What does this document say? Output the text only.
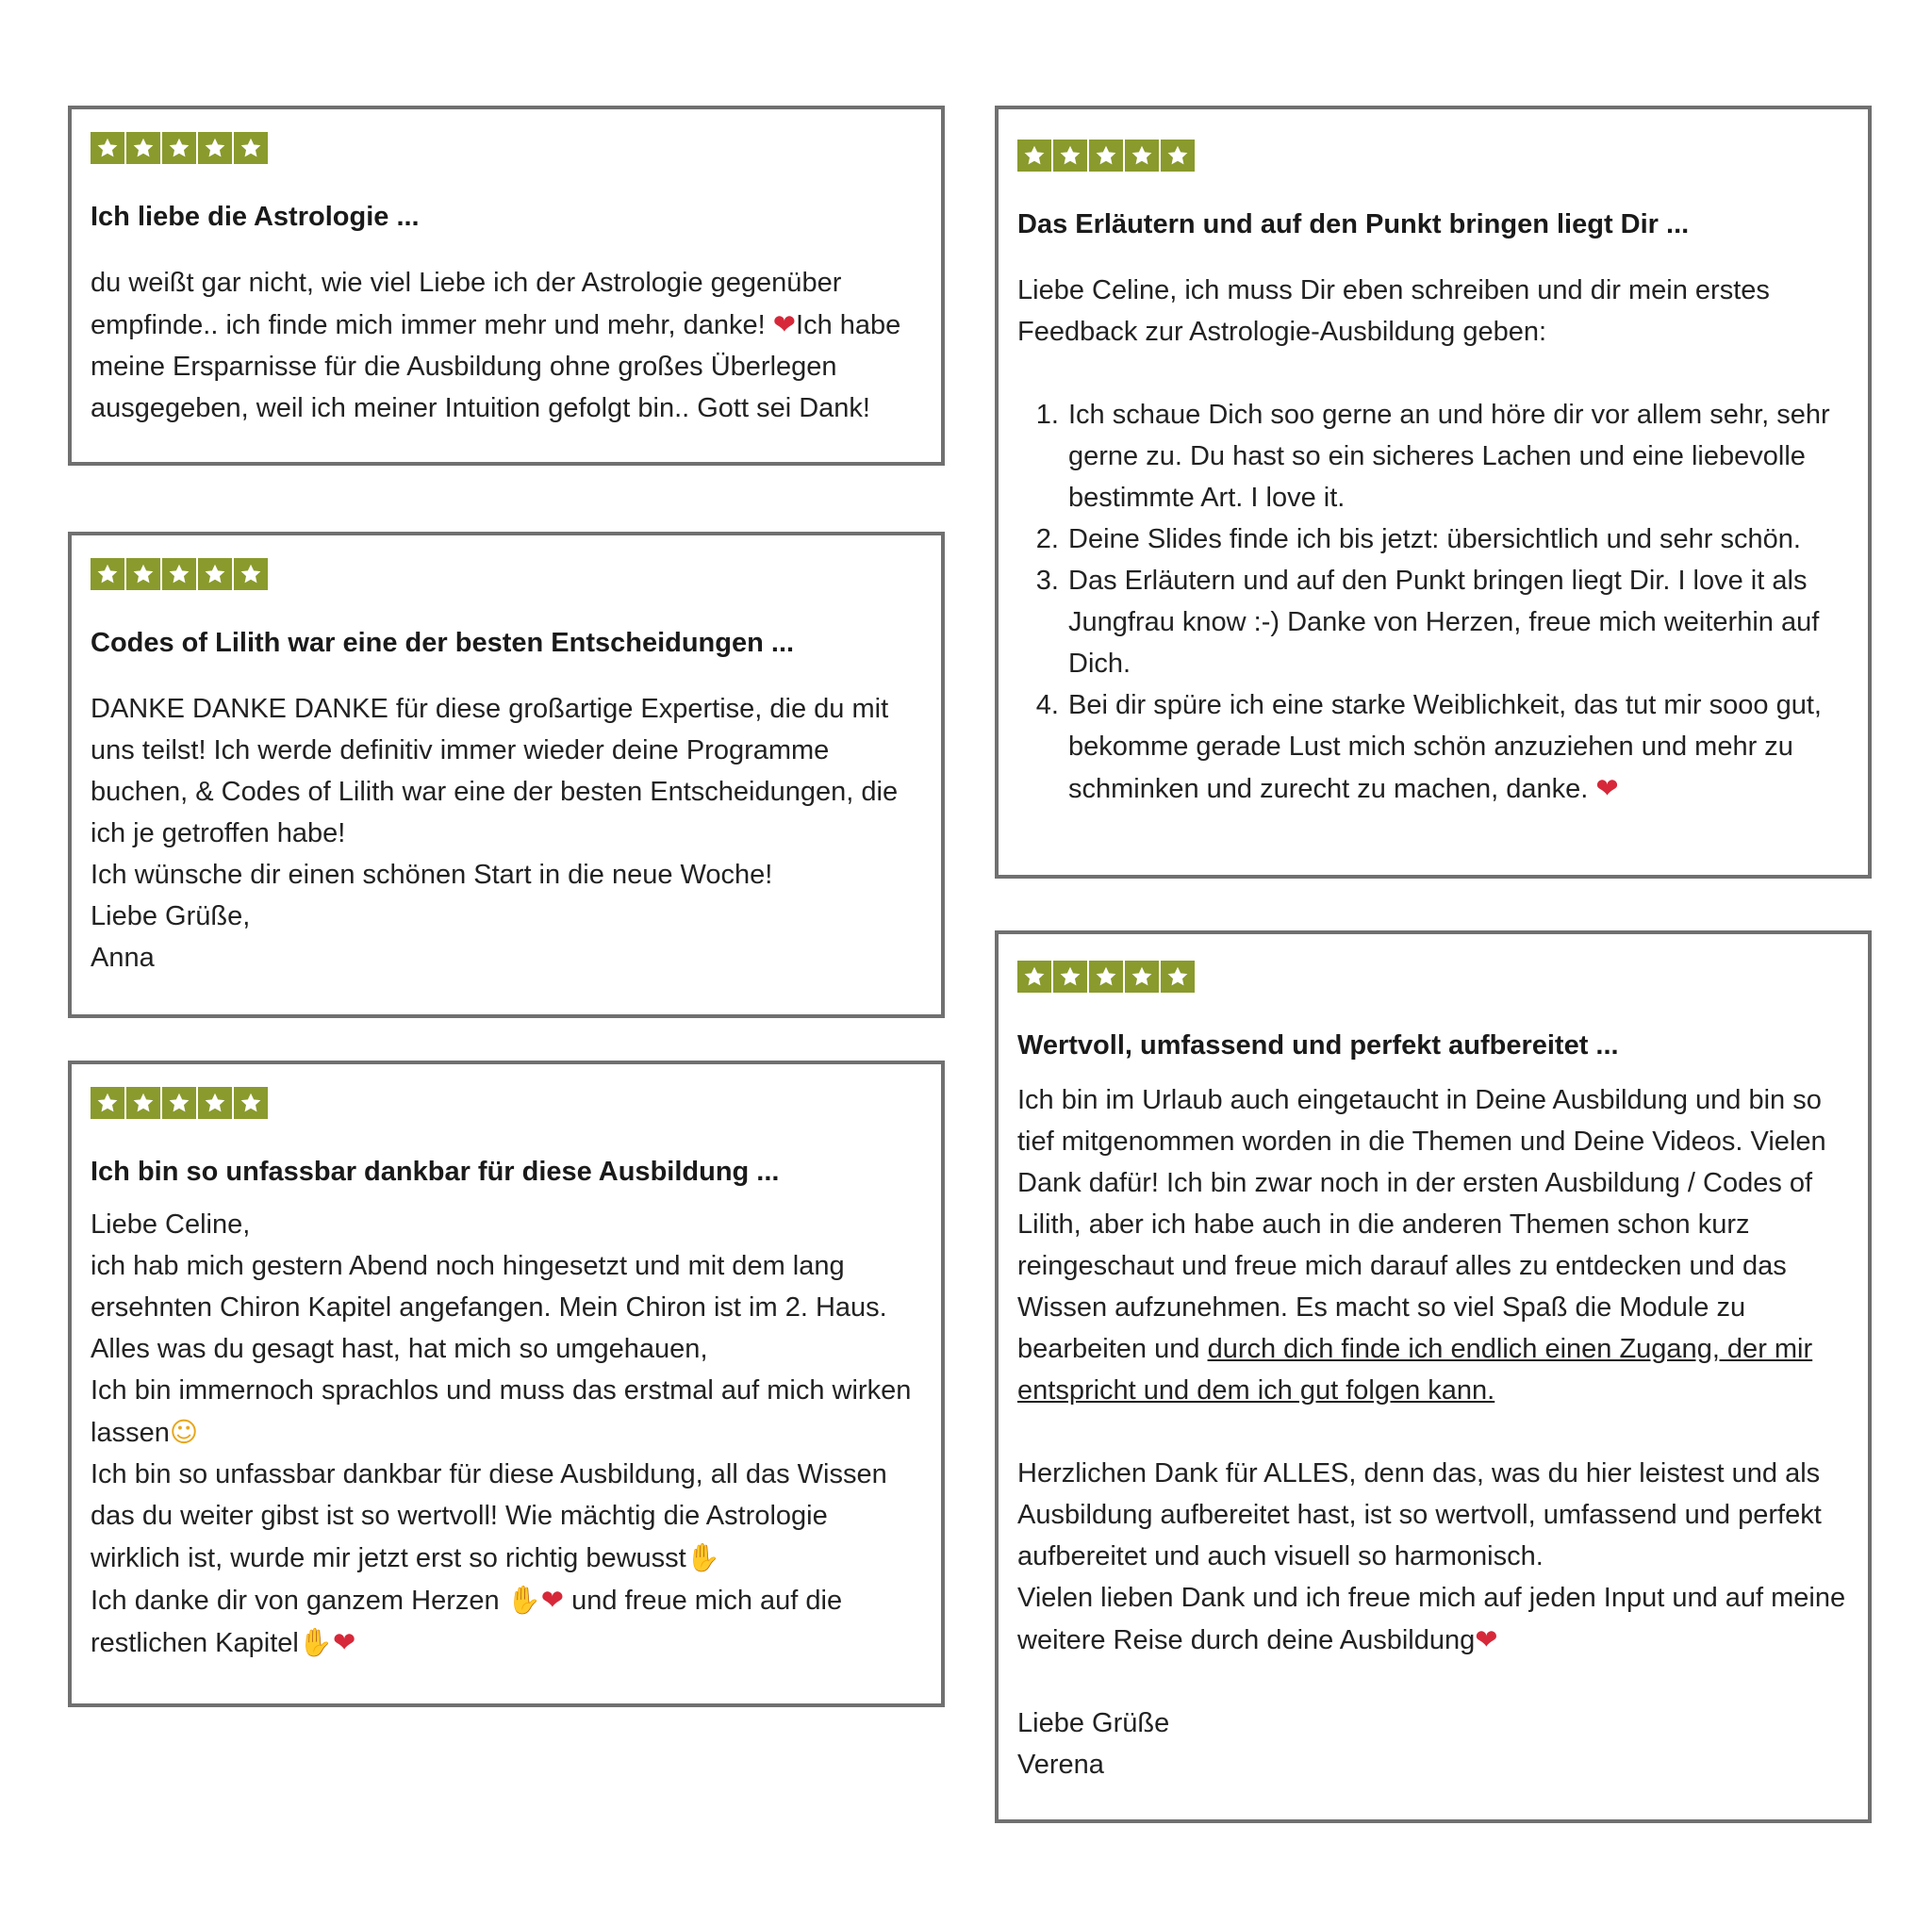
Ich liebe die Astrologie ...
du weißt gar nicht, wie viel Liebe ich der Astrologie gegenüber empfinde.. ich finde mich immer mehr und mehr, danke! ❤Ich habe meine Ersparnisse für die Ausbildung ohne großes Überlegen ausgegeben, weil ich meiner Intuition gefolgt bin.. Gott sei Dank!
Codes of Lilith war eine der besten Entscheidungen ...

DANKE DANKE DANKE für diese großartige Expertise, die du mit uns teilst! Ich werde definitiv immer wieder deine Programme buchen, & Codes of Lilith war eine der besten Entscheidungen, die ich je getroffen habe!

Ich wünsche dir einen schönen Start in die neue Woche!

Liebe Grüße,

Anna

Ich bin so unfassbar dankbar für diese Ausbildung ...

Liebe Celine,

ich hab mich gestern Abend noch hingesetzt und mit dem lang ersehnten Chiron Kapitel angefangen. Mein Chiron ist im 2. Haus.

Alles was du gesagt hast, hat mich so umgehauen,

Ich bin immernoch sprachlos und muss das erstmal auf mich wirken lassen☺

Ich bin so unfassbar dankbar für diese Ausbildung, all das Wissen das du weiter gibst ist so wertvoll! Wie mächtig die Astrologie wirklich ist, wurde mir jetzt erst so richtig bewusst✋

Ich danke dir von ganzem Herzen ✋❤ und freue mich auf die restlichen Kapitel✋❤

Das Erläutern und auf den Punkt bringen liegt Dir ...

Liebe Celine, ich muss Dir eben schreiben und dir mein erstes Feedback zur Astrologie-Ausbildung geben:

1. Ich schaue Dich soo gerne an und höre dir vor allem sehr, sehr gerne zu. Du hast so ein sicheres Lachen und eine liebevolle bestimmte Art. I love it.
2. Deine Slides finde ich bis jetzt: übersichtlich und sehr schön.
3. Das Erläutern und auf den Punkt bringen liegt Dir. I love it als Jungfrau know :-) Danke von Herzen, freue mich weiterhin auf Dich.
4. Bei dir spüre ich eine starke Weiblichkeit, das tut mir sooo gut, bekomme gerade Lust mich schön anzuziehen und mehr zu schminken und zurecht zu machen, danke. ❤
Wertvoll, umfassend und perfekt aufbereitet ...

Ich bin im Urlaub auch eingetaucht in Deine Ausbildung und bin so tief mitgenommen worden in die Themen und Deine Videos. Vielen Dank dafür! Ich bin zwar noch in der ersten Ausbildung / Codes of Lilith, aber ich habe auch in die anderen Themen schon kurz reingeschaut und freue mich darauf alles zu entdecken und das Wissen aufzunehmen. Es macht so viel Spaß die Module zu bearbeiten und durch dich finde ich endlich einen Zugang, der mir entspricht und dem ich gut folgen kann.

Herzlichen Dank für ALLES, denn das, was du hier leistest und als Ausbildung aufbereitet hast, ist so wertvoll, umfassend und perfekt aufbereitet und auch visuell so harmonisch.

Vielen lieben Dank und ich freue mich auf jeden Input und auf meine weitere Reise durch deine Ausbildung❤

Liebe Grüße

Verena
